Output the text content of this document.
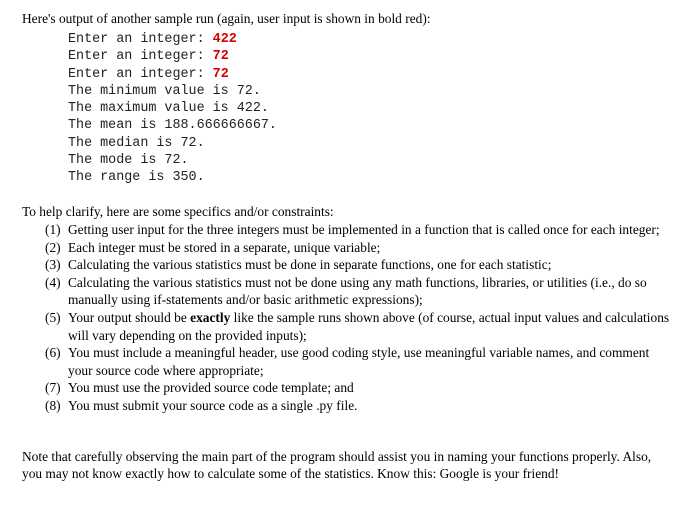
Here's output of another sample run (again, user input is shown in bold red):
Enter an integer: 422
Enter an integer: 72
Enter an integer: 72
The minimum value is 72.
The maximum value is 422.
The mean is 188.666666667.
The median is 72.
The mode is 72.
The range is 350.
To help clarify, here are some specifics and/or constraints:
(1) Getting user input for the three integers must be implemented in a function that is called once for each integer;
(2) Each integer must be stored in a separate, unique variable;
(3) Calculating the various statistics must be done in separate functions, one for each statistic;
(4) Calculating the various statistics must not be done using any math functions, libraries, or utilities (i.e., do so manually using if-statements and/or basic arithmetic expressions);
(5) Your output should be exactly like the sample runs shown above (of course, actual input values and calculations will vary depending on the provided inputs);
(6) You must include a meaningful header, use good coding style, use meaningful variable names, and comment your source code where appropriate;
(7) You must use the provided source code template; and
(8) You must submit your source code as a single .py file.
Note that carefully observing the main part of the program should assist you in naming your functions properly. Also, you may not know exactly how to calculate some of the statistics. Know this: Google is your friend!
